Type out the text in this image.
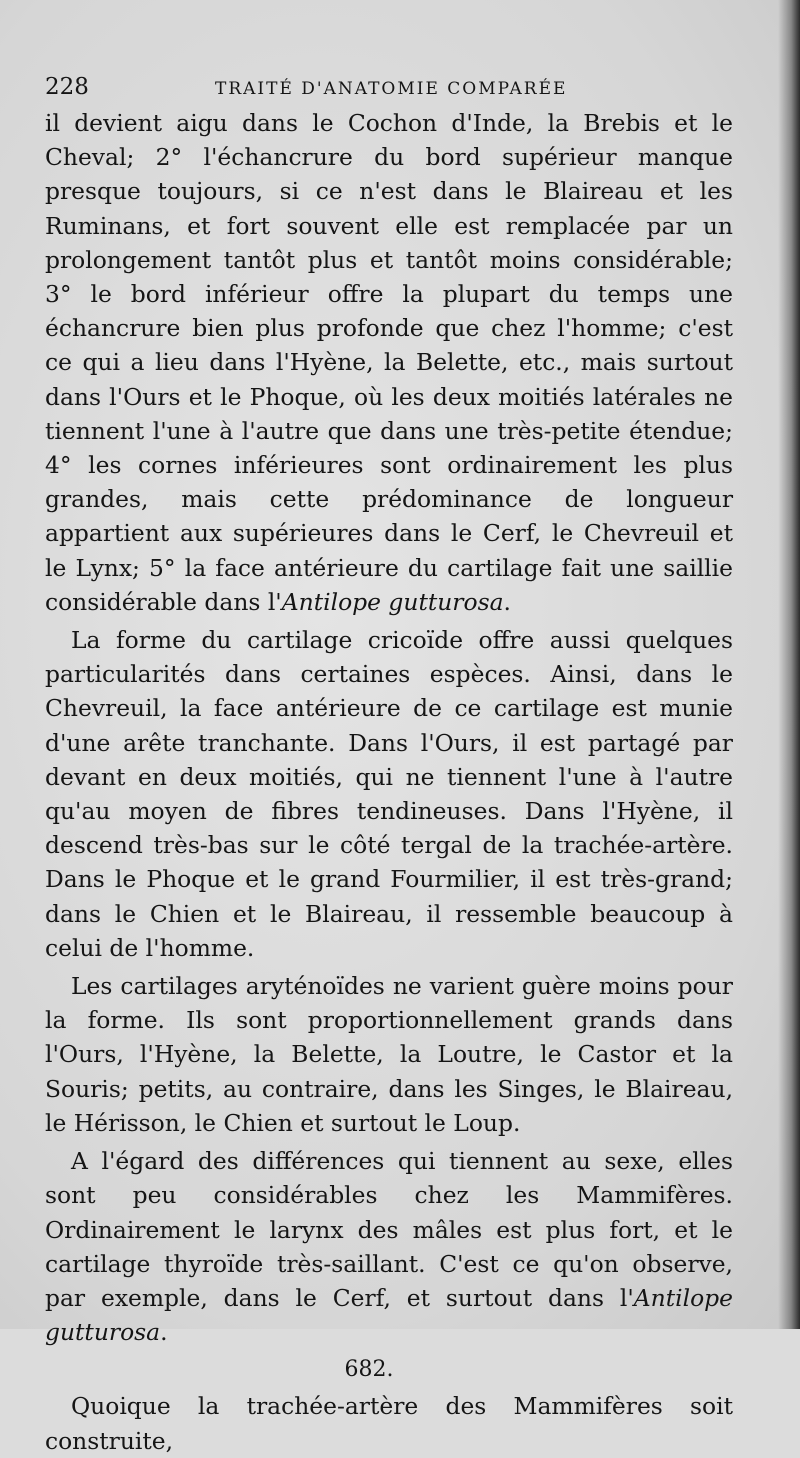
228	TRAITÉ D'ANATOMIE COMPARÉE

il devient aigu dans le Cochon d'Inde, la Brebis et le Cheval; 2° l'échancrure du bord supérieur manque presque toujours, si ce n'est dans le Blaireau et les Ruminans, et fort souvent elle est remplacée par un prolongement tantôt plus et tantôt moins considérable; 3° le bord inférieur offre la plupart du temps une échancrure bien plus profonde que chez l'homme; c'est ce qui a lieu dans l'Hyène, la Belette, etc., mais surtout dans l'Ours et le Phoque, où les deux moitiés latérales ne tiennent l'une à l'autre que dans une très-petite étendue; 4° les cornes inférieures sont ordinairement les plus grandes, mais cette prédominance de longueur appartient aux supérieures dans le Cerf, le Chevreuil et le Lynx; 5° la face antérieure du cartilage fait une saillie considérable dans l'Antilope gutturosa.

La forme du cartilage cricoïde offre aussi quelques particularités dans certaines espèces. Ainsi, dans le Chevreuil, la face antérieure de ce cartilage est munie d'une arête tranchante. Dans l'Ours, il est partagé par devant en deux moitiés, qui ne tiennent l'une à l'autre qu'au moyen de fibres tendineuses. Dans l'Hyène, il descend très-bas sur le côté tergal de la trachée-artère. Dans le Phoque et le grand Fourmilier, il est très-grand; dans le Chien et le Blaireau, il ressemble beaucoup à celui de l'homme.

Les cartilages aryténoïdes ne varient guère moins pour la forme. Ils sont proportionnellement grands dans l'Ours, l'Hyène, la Belette, la Loutre, le Castor et la Souris; petits, au contraire, dans les Singes, le Blaireau, le Hérisson, le Chien et surtout le Loup.

A l'égard des différences qui tiennent au sexe, elles sont peu considérables chez les Mammifères. Ordinairement le larynx des mâles est plus fort, et le cartilage thyroïde très-saillant. C'est ce qu'on observe, par exemple, dans le Cerf, et surtout dans l'Antilope gutturosa.

682.

Quoique la trachée-artère des Mammifères soit construite,
